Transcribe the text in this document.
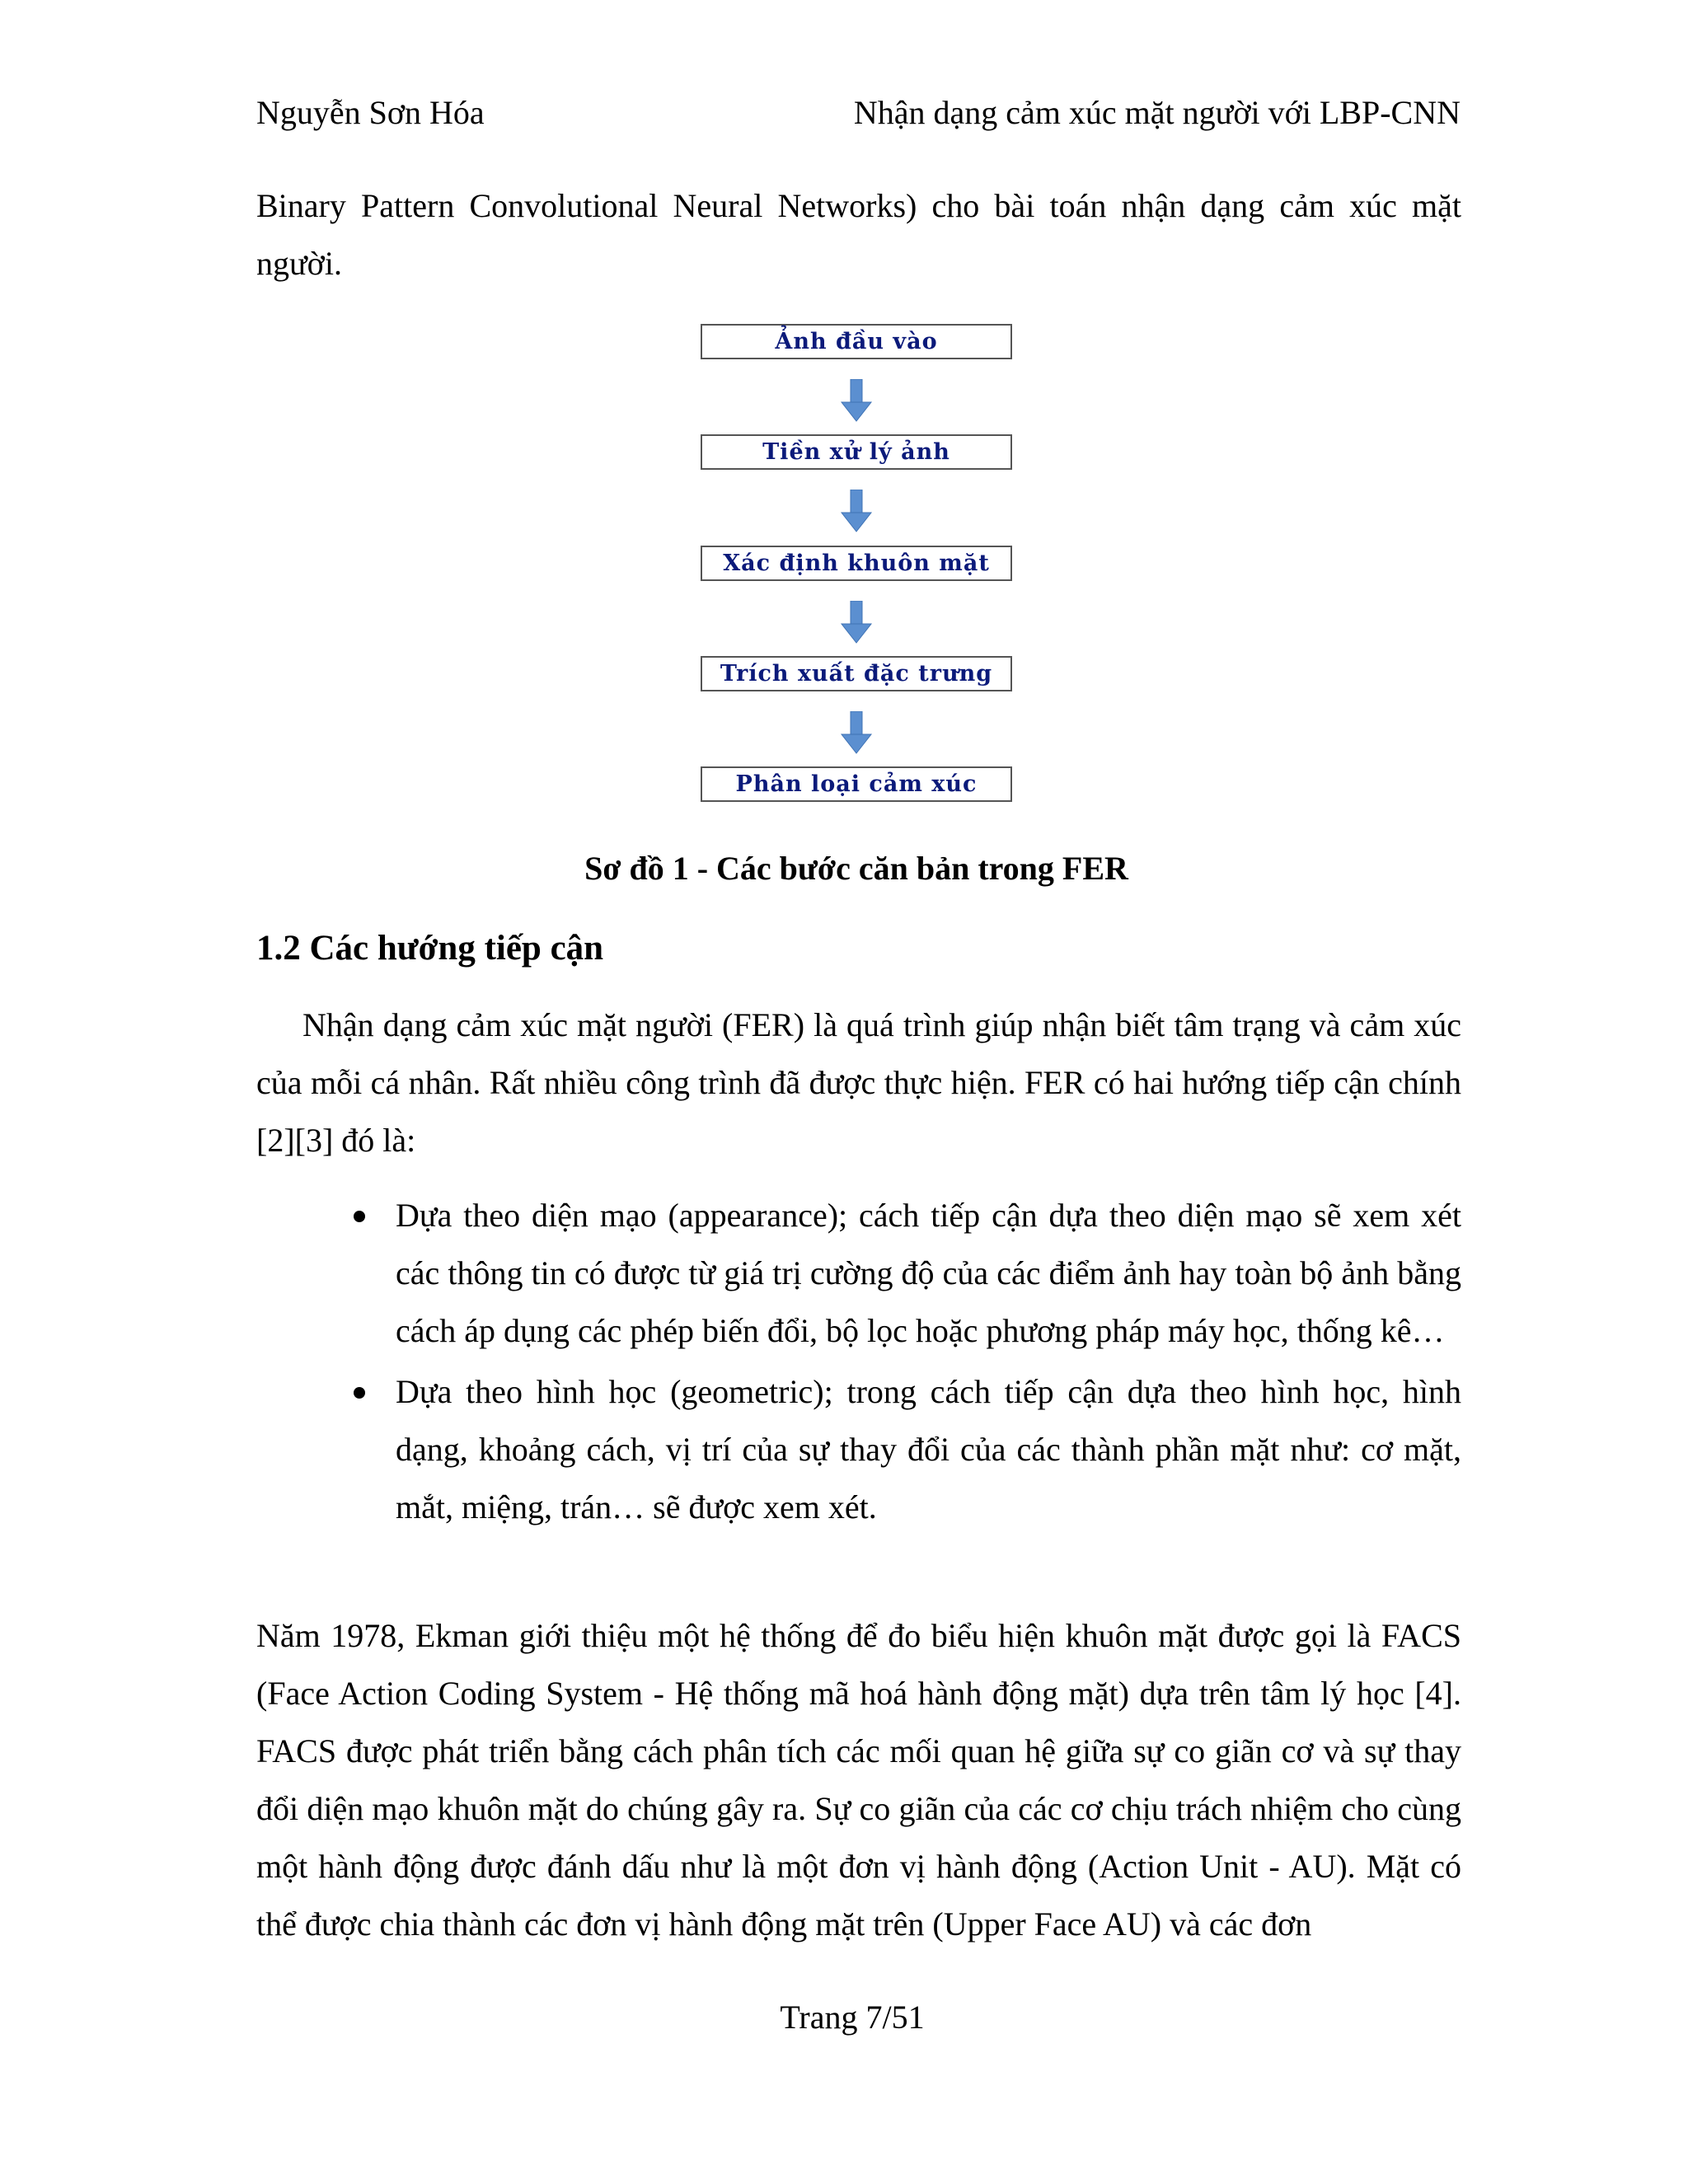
Nguyễn Sơn Hóa	Nhận dạng cảm xúc mặt người với LBP-CNN

Binary Pattern Convolutional Neural Networks) cho bài toán nhận dạng cảm xúc mặt người.

Ảnh đầu vào
Tiền xử lý ảnh
Xác định khuôn mặt
Trích xuất đặc trưng
Phân loại cảm xúc
Sơ đồ 1 - Các bước căn bản trong FER
1.2 Các hướng tiếp cận

Nhận dạng cảm xúc mặt người (FER) là quá trình giúp nhận biết tâm trạng và cảm xúc của mỗi cá nhân. Rất nhiều công trình đã được thực hiện. FER có hai hướng tiếp cận chính [2][3] đó là:

Dựa theo diện mạo (appearance); cách tiếp cận dựa theo diện mạo sẽ xem xét các thông tin có được từ giá trị cường độ của các điểm ảnh hay toàn bộ ảnh bằng cách áp dụng các phép biến đổi, bộ lọc hoặc phương pháp máy học, thống kê…
Dựa theo hình học (geometric); trong cách tiếp cận dựa theo hình học, hình dạng, khoảng cách, vị trí của sự thay đổi của các thành phần mặt như: cơ mặt, mắt, miệng, trán… sẽ được xem xét.

Năm 1978, Ekman giới thiệu một hệ thống để đo biểu hiện khuôn mặt được gọi là FACS (Face Action Coding System - Hệ thống mã hoá hành động mặt) dựa trên tâm lý học [4]. FACS được phát triển bằng cách phân tích các mối quan hệ giữa sự co giãn cơ và sự thay đổi diện mạo khuôn mặt do chúng gây ra. Sự co giãn của các cơ chịu trách nhiệm cho cùng một hành động được đánh dấu như là một đơn vị hành động (Action Unit - AU). Mặt có thể được chia thành các đơn vị hành động mặt trên (Upper Face AU) và các đơn

Trang 7/51
